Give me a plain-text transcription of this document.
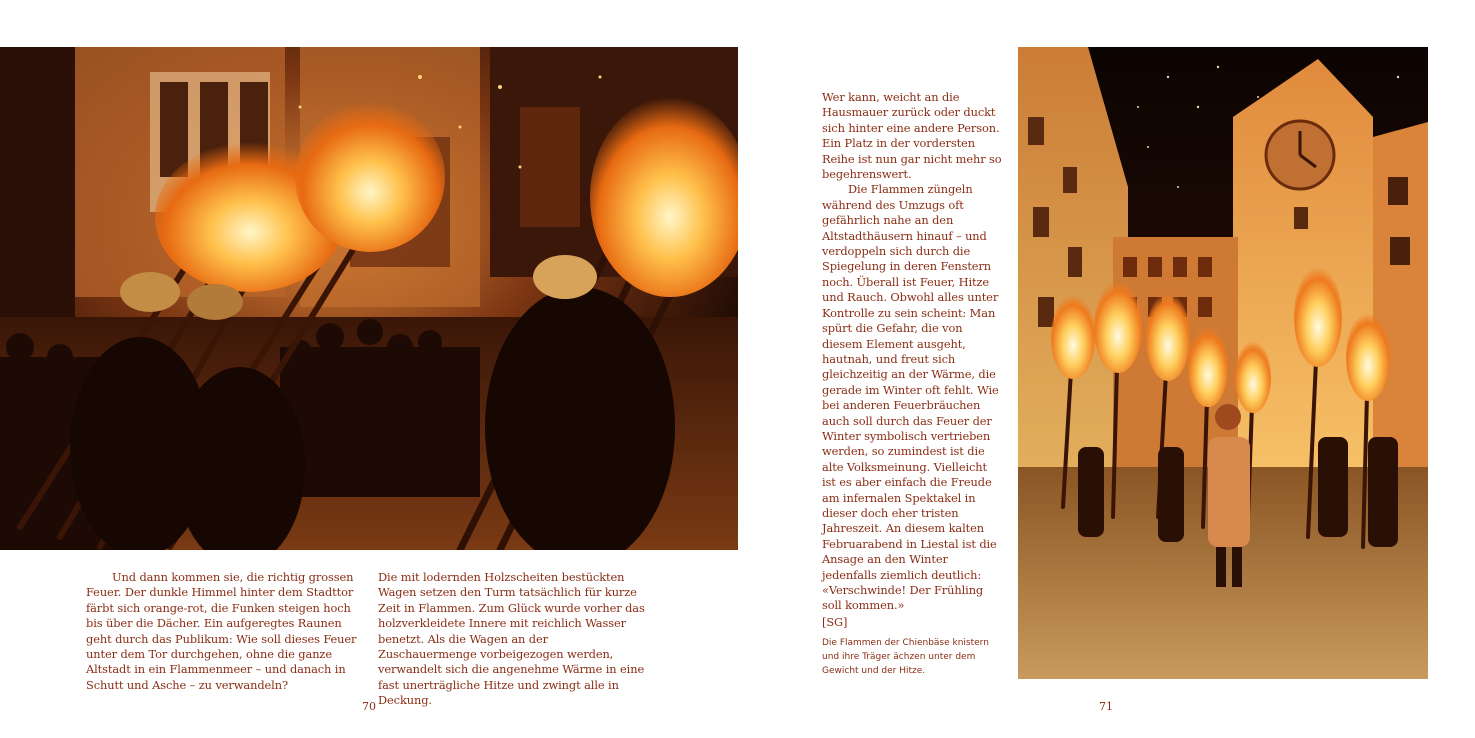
Und dann kommen sie, die richtig grossen Feuer. Der dunkle Himmel hinter dem Stadttor färbt sich orange-rot, die Funken steigen hoch bis über die Dächer. Ein aufgeregtes Raunen geht durch das Publikum: Wie soll dieses Feuer unter dem Tor durchgehen, ohne die ganze Altstadt in ein Flammenmeer – und danach in Schutt und Asche – zu verwandeln?

Die mit lodernden Holzscheiten bestückten Wagen setzen den Turm tatsächlich für kurze Zeit in Flammen. Zum Glück wurde vorher das holzverkleidete Innere mit reichlich Wasser benetzt. Als die Wagen an der Zuschauermenge vorbeigezogen werden, verwandelt sich die angenehme Wärme in eine fast unerträgliche Hitze und zwingt alle in Deckung.

70

Wer kann, weicht an die Hausmauer zurück oder duckt sich hinter eine andere Person. Ein Platz in der vordersten Reihe ist nun gar nicht mehr so begehrenswert.

Die Flammen züngeln während des Umzugs oft gefährlich nahe an den Altstadthäusern hinauf – und verdoppeln sich durch die Spiegelung in deren Fenstern noch. Überall ist Feuer, Hitze und Rauch. Obwohl alles unter Kontrolle zu sein scheint: Man spürt die Gefahr, die von diesem Element ausgeht, hautnah, und freut sich gleichzeitig an der Wärme, die gerade im Winter oft fehlt. Wie bei anderen Feuerbräuchen auch soll durch das Feuer der Winter symbolisch vertrieben werden, so zumindest ist die alte Volksmeinung. Vielleicht ist es aber einfach die Freude am infernalen Spektakel in dieser doch eher tristen Jahreszeit. An diesem kalten Februarabend in Liestal ist die Ansage an den Winter jedenfalls ziemlich deutlich: «Verschwinde! Der Frühling soll kommen.»

[SG]

Die Flammen der Chienbäse knistern und ihre Träger ächzen unter dem Gewicht und der Hitze.
71
